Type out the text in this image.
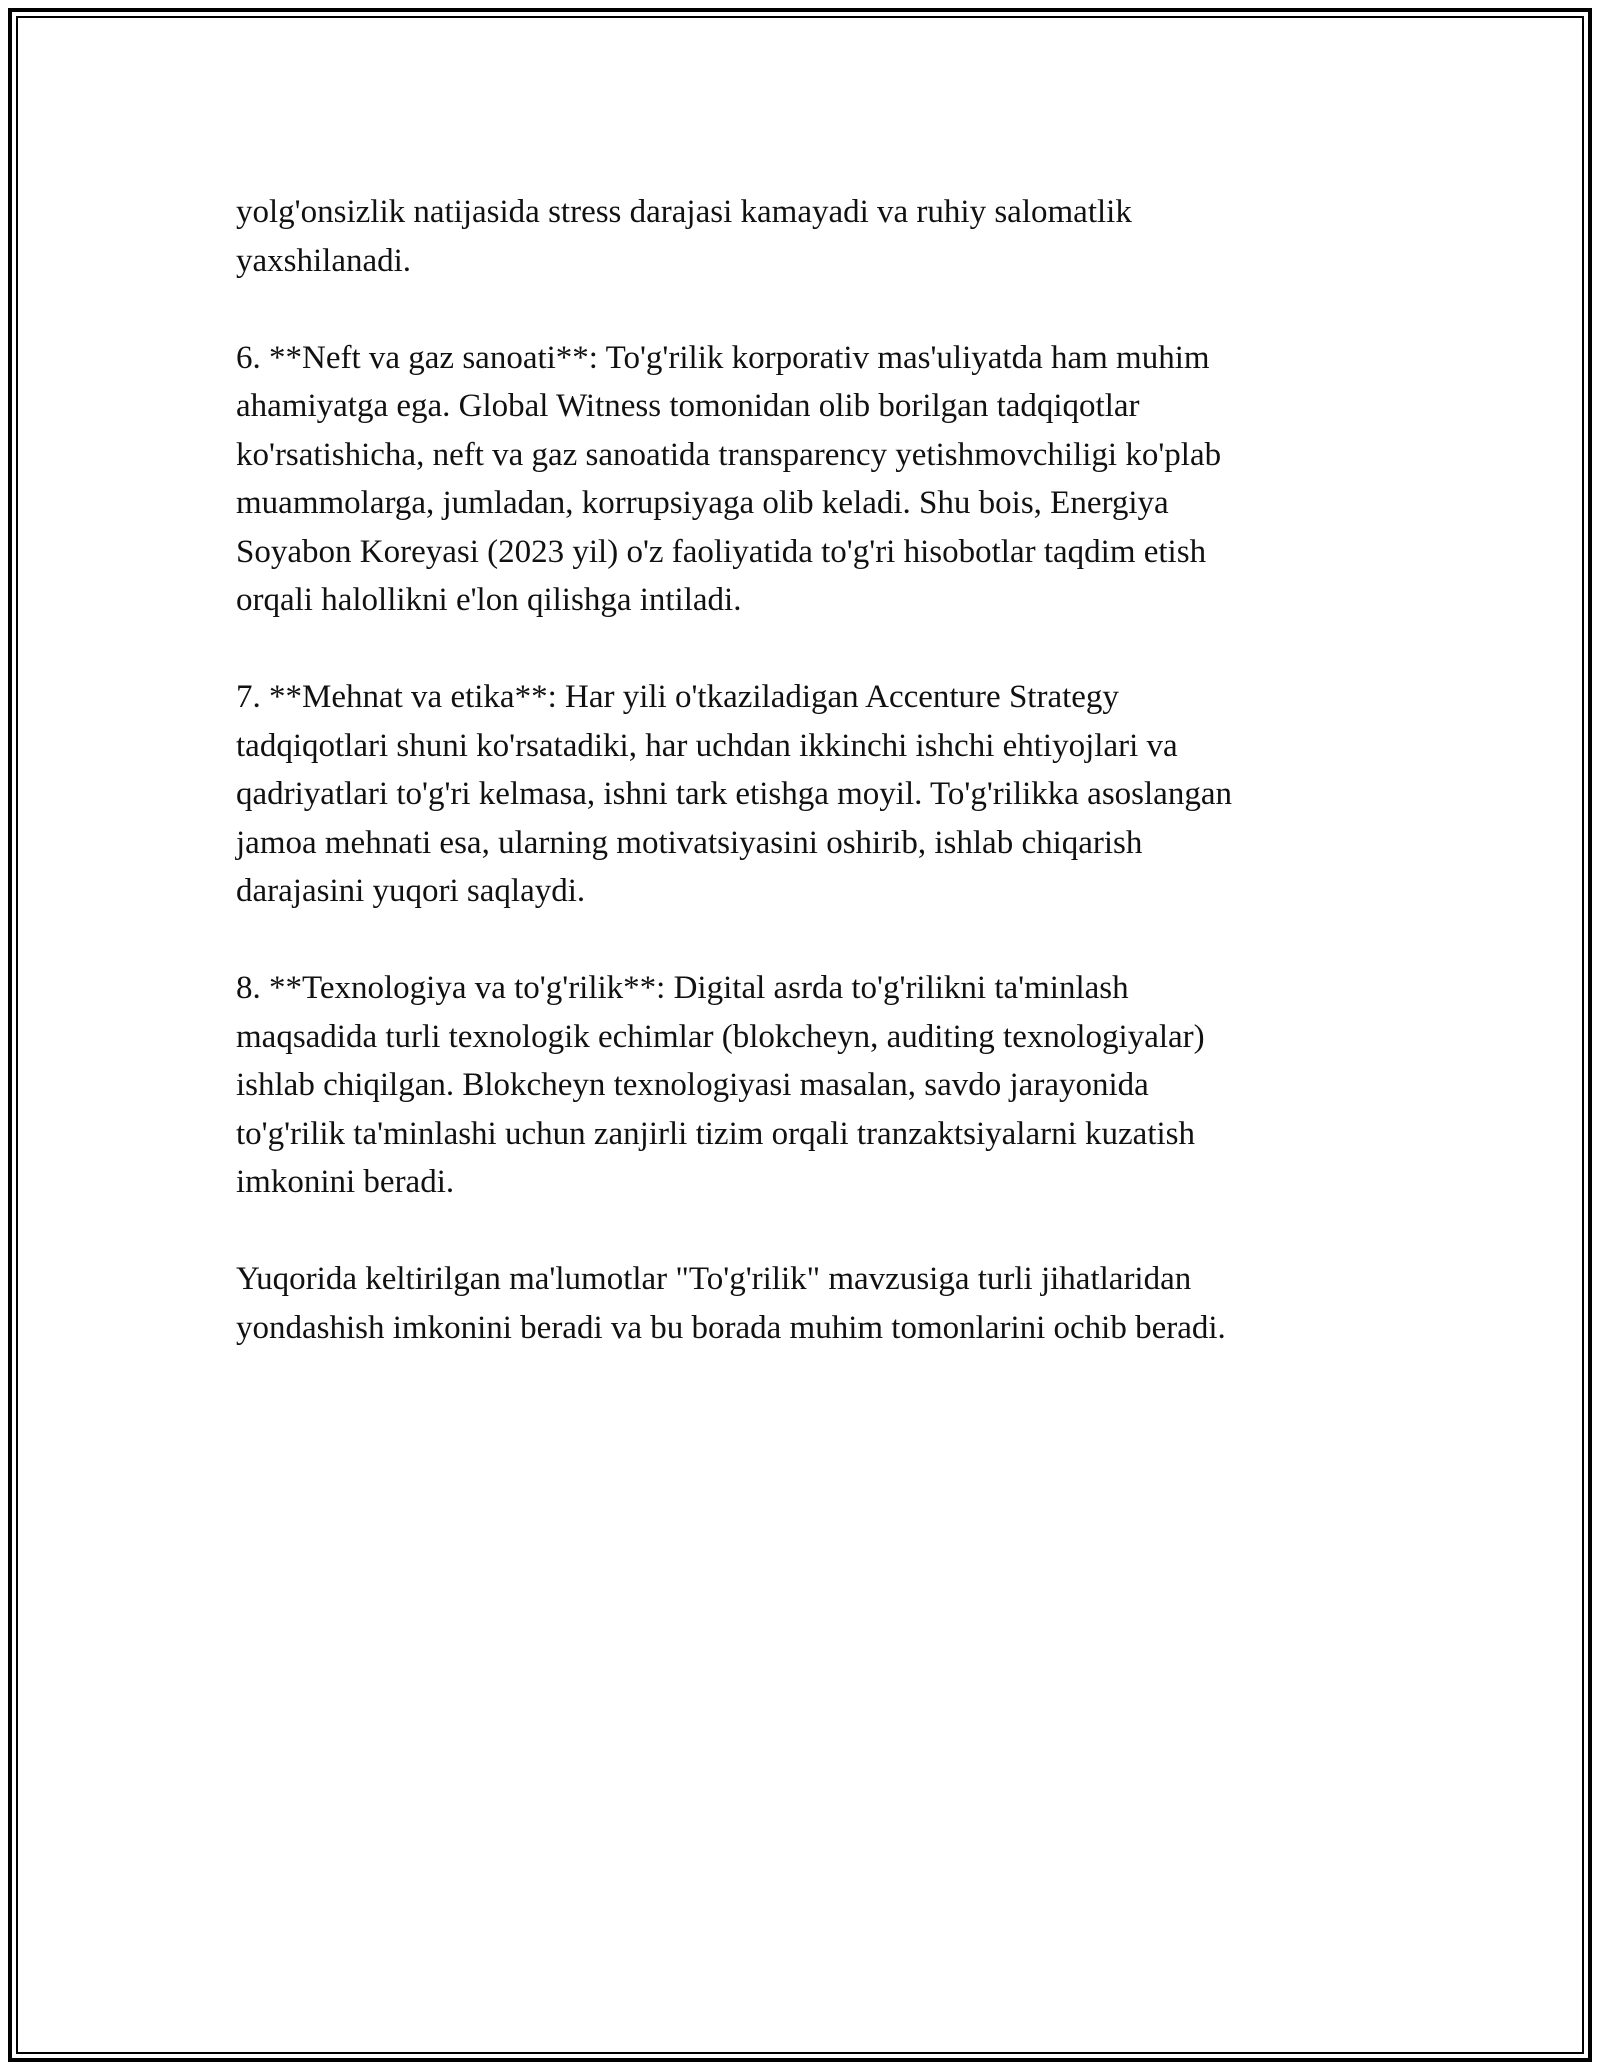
yolg'onsizlik natijasida stress darajasi kamayadi va ruhiy salomatlik
yaxshilanadi.

6. **Neft va gaz sanoati**: To'g'rilik korporativ mas'uliyatda ham muhim
ahamiyatga ega. Global Witness tomonidan olib borilgan tadqiqotlar
ko'rsatishicha, neft va gaz sanoatida transparency yetishmovchiligi ko'plab
muammolarga, jumladan, korrupsiyaga olib keladi. Shu bois, Energiya
Soyabon Koreyasi (2023 yil) o'z faoliyatida to'g'ri hisobotlar taqdim etish
orqali halollikni e'lon qilishga intiladi.

7. **Mehnat va etika**: Har yili o'tkaziladigan Accenture Strategy
tadqiqotlari shuni ko'rsatadiki, har uchdan ikkinchi ishchi ehtiyojlari va
qadriyatlari to'g'ri kelmasa, ishni tark etishga moyil. To'g'rilikka asoslangan
jamoa mehnati esa, ularning motivatsiyasini oshirib, ishlab chiqarish
darajasini yuqori saqlaydi.

8. **Texnologiya va to'g'rilik**: Digital asrda to'g'rilikni ta'minlash
maqsadida turli texnologik echimlar (blokcheyn, auditing texnologiyalar)
ishlab chiqilgan. Blokcheyn texnologiyasi masalan, savdo jarayonida
to'g'rilik ta'minlashi uchun zanjirli tizim orqali tranzaktsiyalarni kuzatish
imkonini beradi.

Yuqorida keltirilgan ma'lumotlar "To'g'rilik" mavzusiga turli jihatlaridan
yondashish imkonini beradi va bu borada muhim tomonlarini ochib beradi.
